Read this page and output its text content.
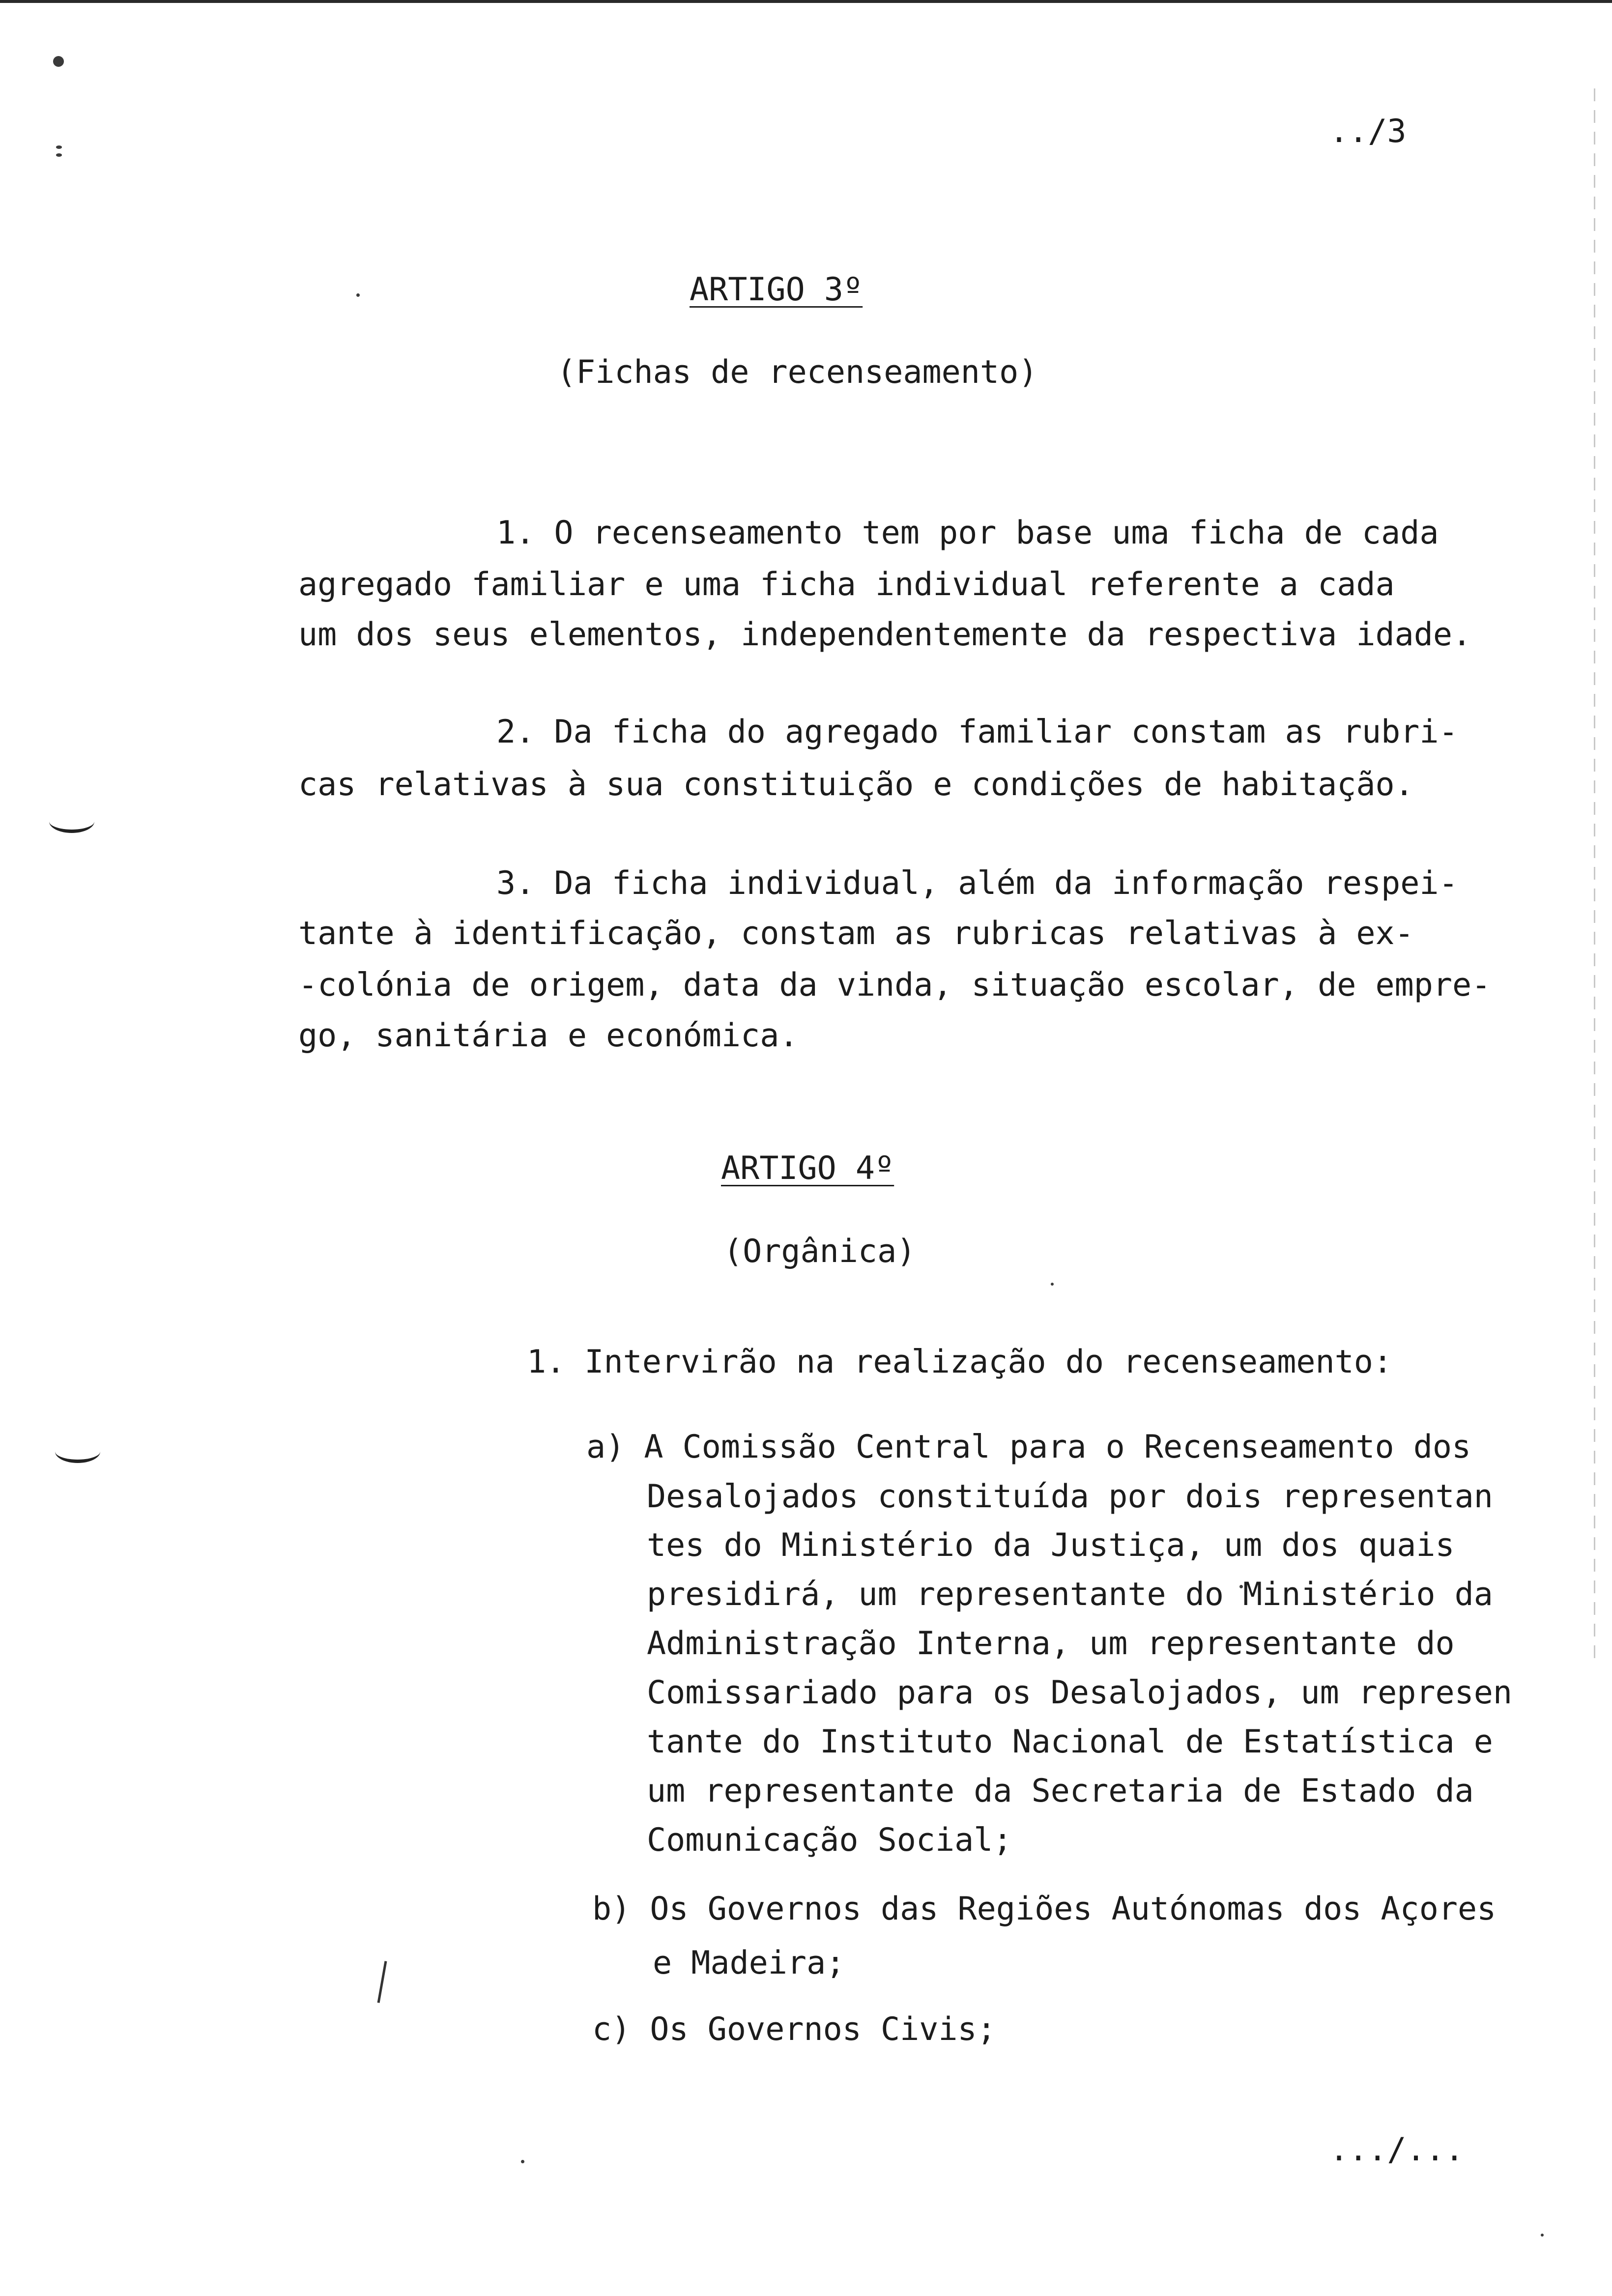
../3
ARTIGO 3º
(Fichas de recenseamento)
1. O recenseamento tem por base uma ficha de cada
agregado familiar e uma ficha individual referente a cada
um dos seus elementos, independentemente da respectiva idade.
2. Da ficha do agregado familiar constam as rubri-
cas relativas à sua constituição e condições de habitação.
3. Da ficha individual, além da informação respei-
tante à identificação, constam as rubricas relativas à ex-
-colónia de origem, data da vinda, situação escolar, de empre-
go, sanitária e económica.
ARTIGO 4º
(Orgânica)
1. Intervirão na realização do recenseamento:
a) A Comissão Central para o Recenseamento dos
Desalojados constituída por dois representan
tes do Ministério da Justiça, um dos quais
presidirá, um representante do Ministério da
Administração Interna, um representante do
Comissariado para os Desalojados, um represen
tante do Instituto Nacional de Estatística e
um representante da Secretaria de Estado da
Comunicação Social;
b) Os Governos das Regiões Autónomas dos Açores
e Madeira;
c) Os Governos Civis;
.../...
